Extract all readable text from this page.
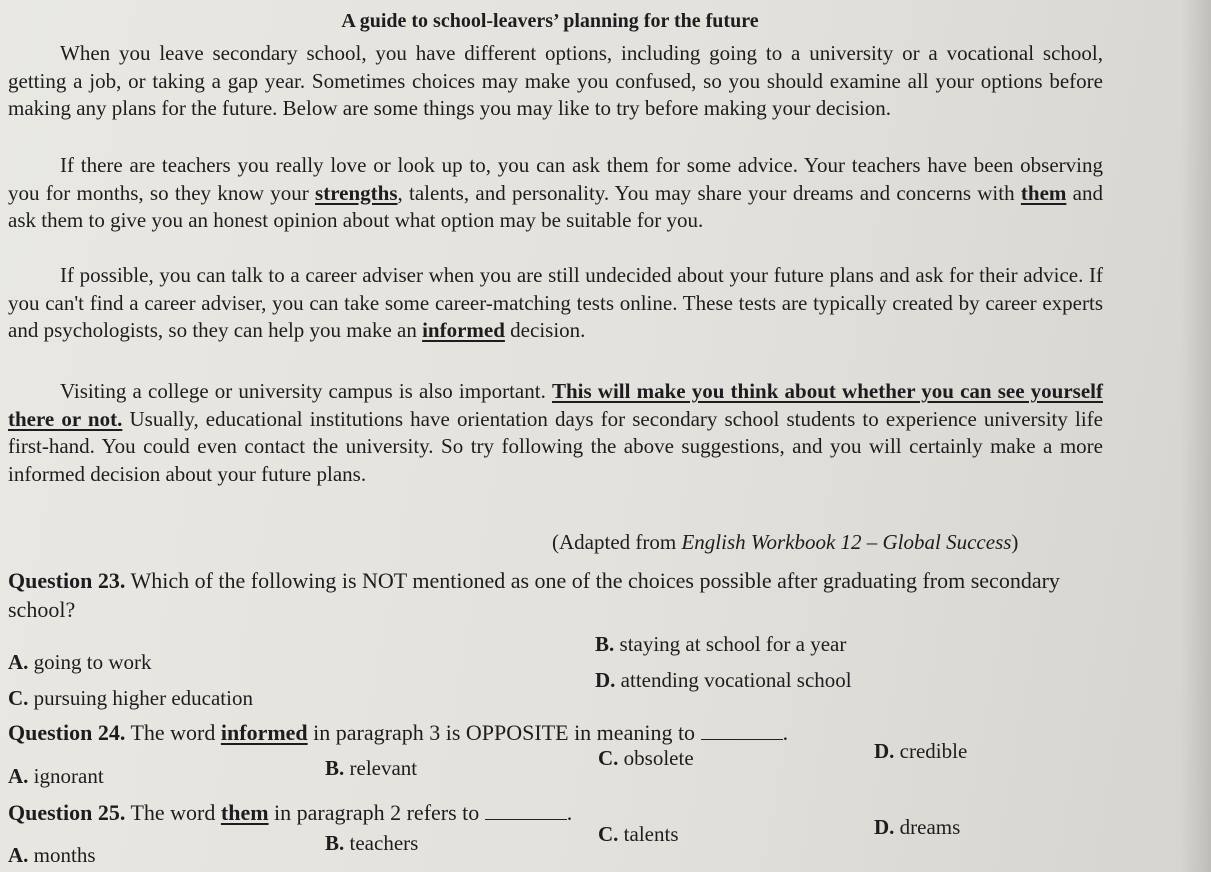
A guide to school-leavers’ planning for the future

When you leave secondary school, you have different options, including going to a university or a vocational school, getting a job, or taking a gap year. Sometimes choices may make you confused, so you should examine all your options before making any plans for the future. Below are some things you may like to try before making your decision.

If there are teachers you really love or look up to, you can ask them for some advice. Your teachers have been observing you for months, so they know your strengths, talents, and personality. You may share your dreams and concerns with them and ask them to give you an honest opinion about what option may be suitable for you.

If possible, you can talk to a career adviser when you are still undecided about your future plans and ask for their advice. If you can't find a career adviser, you can take some career-matching tests online. These tests are typically created by career experts and psychologists, so they can help you make an informed decision.

Visiting a college or university campus is also important. This will make you think about whether you can see yourself there or not. Usually, educational institutions have orientation days for secondary school students to experience university life first-hand. You could even contact the university. So try following the above suggestions, and you will certainly make a more informed decision about your future plans.

(Adapted from English Workbook 12 – Global Success)
Question 23. Which of the following is NOT mentioned as one of the choices possible after graduating from secondary school?
A. going to work
B. staying at school for a year
C. pursuing higher education
D. attending vocational school
Question 24. The word informed in paragraph 3 is OPPOSITE in meaning to	.
A. ignorant	B. relevant	C. obsolete	D. credible
Question 25. The word them in paragraph 2 refers to	.
A. months	B. teachers	C. talents	D. dreams
